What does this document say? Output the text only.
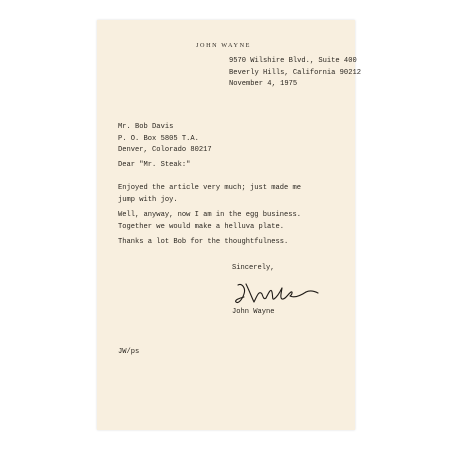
JOHN WAYNE
9570 Wilshire Blvd., Suite 400
Beverly Hills, California 90212
November 4, 1975
Mr. Bob Davis
P. O. Box 5805 T.A.
Denver, Colorado 80217
Dear "Mr. Steak:"
Enjoyed the article very much; just made me
jump with joy.
Well, anyway, now I am in the egg business.
Together we would make a helluva plate.
Thanks a lot Bob for the thoughtfulness.
Sincerely,
John Wayne
JW/ps
